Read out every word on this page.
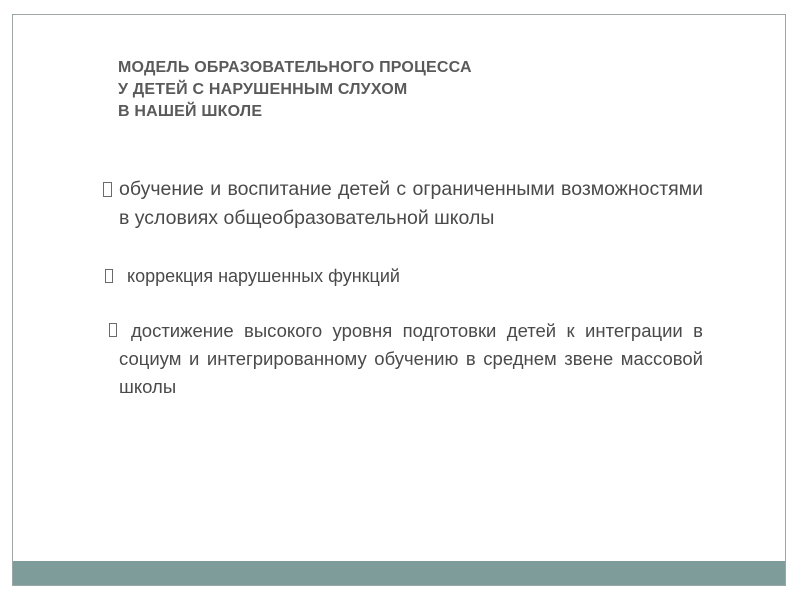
МОДЕЛЬ ОБРАЗОВАТЕЛЬНОГО ПРОЦЕССА
У ДЕТЕЙ С НАРУШЕННЫМ СЛУХОМ
В НАШЕЙ ШКОЛЕ

обучение и воспитание детей с ограниченными возможностями в условиях общеобразовательной школы

коррекция нарушенных функций

достижение высокого уровня подготовки детей к интеграции в социум и интегрированному обучению в среднем звене массовой школы
